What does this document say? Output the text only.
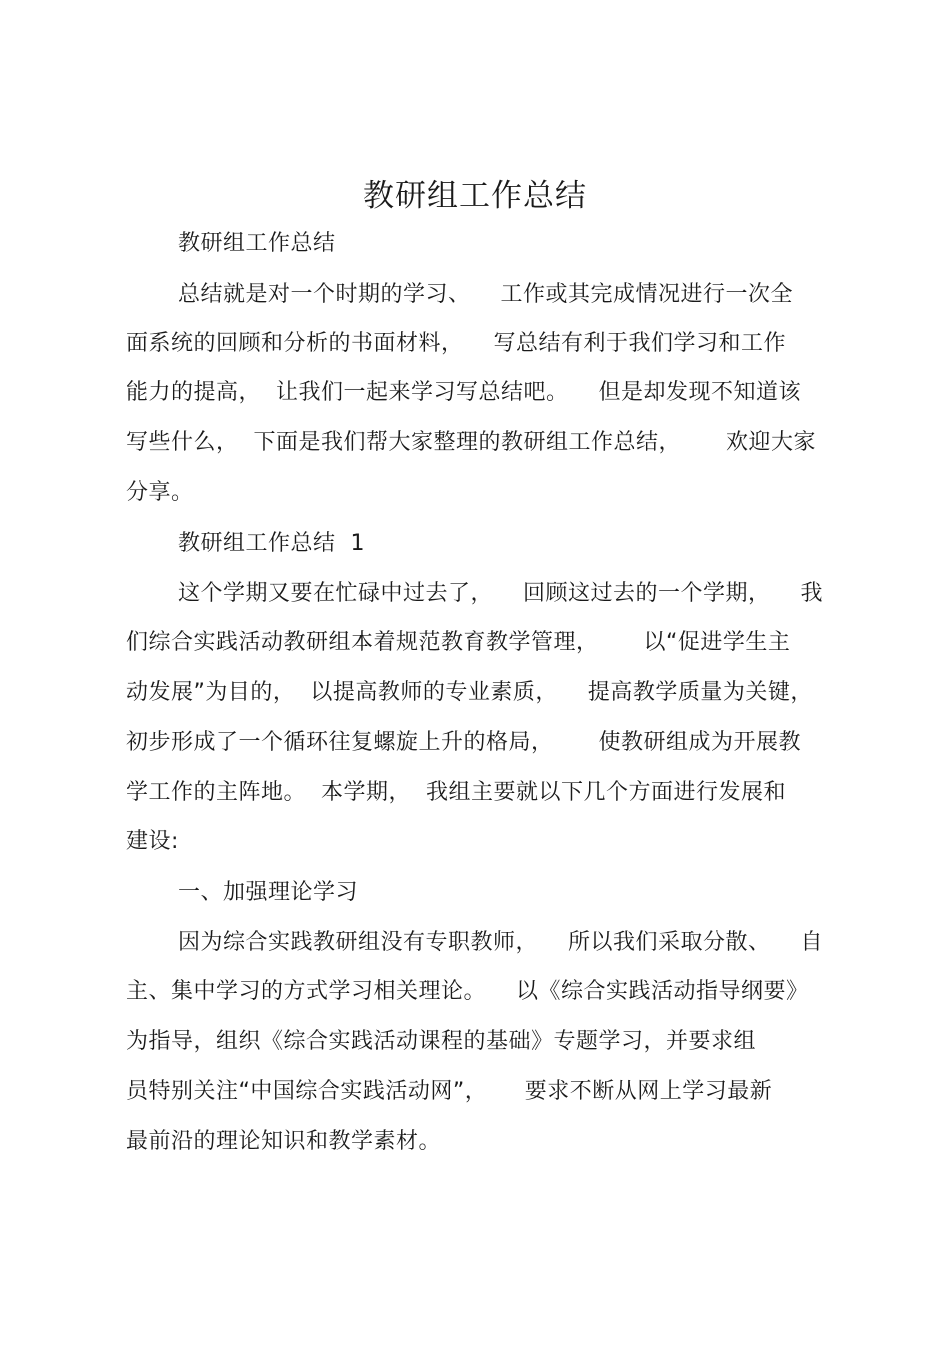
教研组工作总结
教研组工作总结
总结就是对一个时期的学习、    工作或其完成情况进行一次全
面系统的回顾和分析的书面材料，    写总结有利于我们学习和工作
能力的提高，  让我们一起来学习写总结吧。    但是却发现不知道该
写些什么，  下面是我们帮大家整理的教研组工作总结，      欢迎大家
分享。
教研组工作总结  1
这个学期又要在忙碌中过去了，    回顾这过去的一个学期，    我
们综合实践活动教研组本着规范教育教学管理，      以“促进学生主
动发展”为目的，  以提高教师的专业素质，    提高教学质量为关键，
初步形成了一个循环往复螺旋上升的格局，      使教研组成为开展教
学工作的主阵地。  本学期，  我组主要就以下几个方面进行发展和
建设:
一、加强理论学习
因为综合实践教研组没有专职教师，    所以我们采取分散、    自
主、集中学习的方式学习相关理论。    以《综合实践活动指导纲要》
为指导，组织《综合实践活动课程的基础》专题学习，并要求组
员特别关注“中国综合实践活动网”，     要求不断从网上学习最新
最前沿的理论知识和教学素材。
